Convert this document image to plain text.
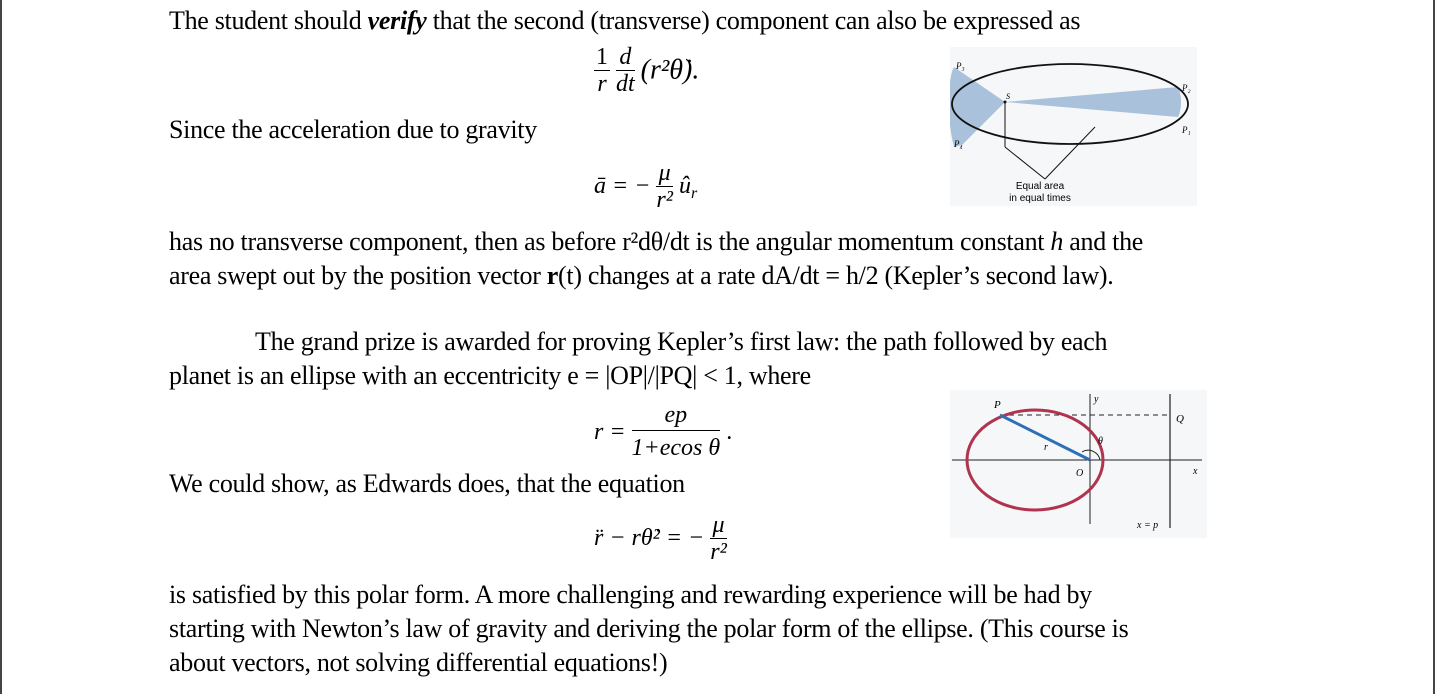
The student should verify that the second (transverse) component can also be expressed as
$\frac{1}{r}$
$\frac{d}{dt}$ (r²θ̇).
Since the acceleration due to gravity
ā = − $\frac{\mu}{\text{r²}}$ $û_r$
P₃
P₂
P₁
P₄
S
Equal area
in equal times
has no transverse component, then as before r²dθ/dt is the angular momentum constant h and the
area swept out by the position vector r(t) changes at a rate dA/dt = h/2 (Kepler’s second law).
The grand prize is awarded for proving Kepler’s first law: the path followed by each
planet is an ellipse with an eccentricity e = |OP|/|PQ| < 1, where
$r = \frac{ep}{\text{1+ecos θ}}$ .
P
Q
r
θ
O	x
y
x = p
We could show, as Edwards does, that the equation
r̈ − rθ̇² = − $\frac{\mu}{\text{r²}}$
is satisfied by this polar form. A more challenging and rewarding experience will be had by
starting with Newton’s law of gravity and deriving the polar form of the ellipse. (This course is
about vectors, not solving differential equations!)
